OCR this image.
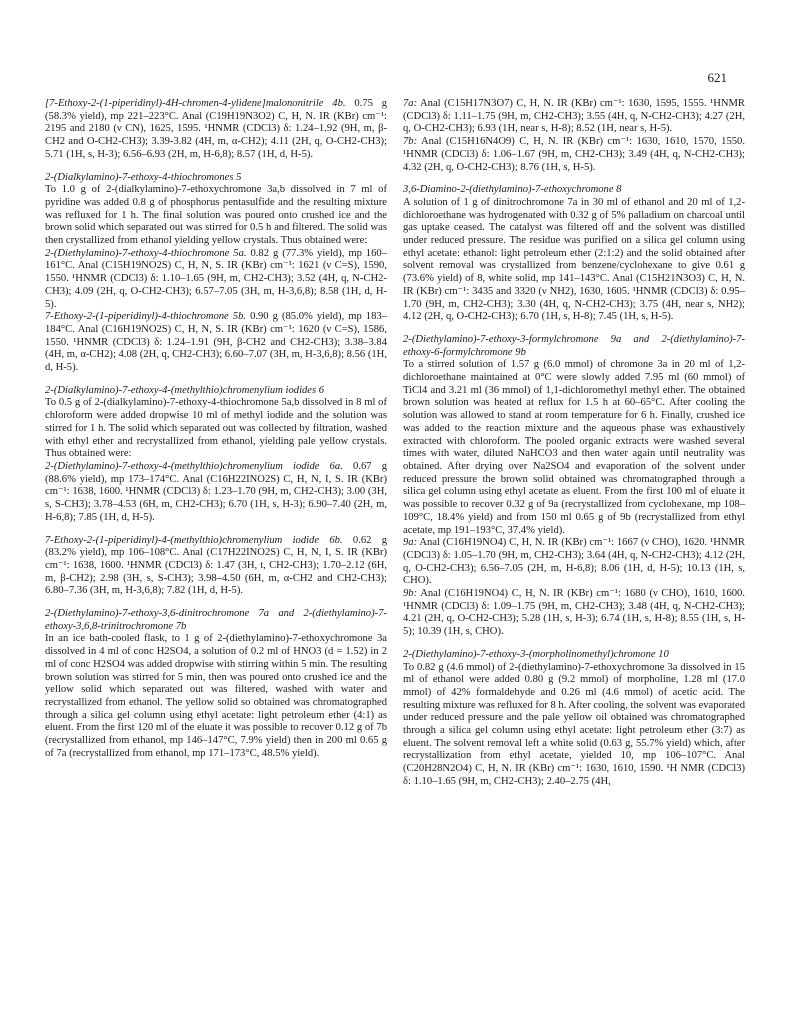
621

[7-Ethoxy-2-(1-piperidinyl)-4H-chromen-4-ylidene]malononitrile 4b. 0.75 g (58.3% yield), mp 221–223°C. Anal (C19H19N3O2) C, H, N. IR (KBr) cm⁻¹: 2195 and 2180 (ν CN), 1625, 1595. ¹HNMR (CDCl3) δ: 1.24–1.92 (9H, m, β-CH2 and O-CH2-CH3); 3.39-3.82 (4H, m, α-CH2); 4.11 (2H, q, O-CH2-CH3); 5.71 (1H, s, H-3); 6.56–6.93 (2H, m, H-6,8); 8.57 (1H, d, H-5).

2-(Dialkylamino)-7-ethoxy-4-thiochromones 5

To 1.0 g of 2-(dialkylamino)-7-ethoxychromone 3a,b dissolved in 7 ml of pyridine was added 0.8 g of phosphorus pentasulfide and the resulting mixture was refluxed for 1 h. The final solution was poured onto crushed ice and the brown solid which separated out was stirred for 0.5 h and filtered. The solid was then crystallized from ethanol yielding yellow crystals. Thus obtained were:

2-(Diethylamino)-7-ethoxy-4-thiochromone 5a. 0.82 g (77.3% yield), mp 160–161°C. Anal (C15H19NO2S) C, H, N, S. IR (KBr) cm⁻¹: 1621 (ν C=S), 1590, 1550. ¹HNMR (CDCl3) δ: 1.10–1.65 (9H, m, CH2-CH3); 3.52 (4H, q, N-CH2-CH3); 4.09 (2H, q, O-CH2-CH3); 6.57–7.05 (3H, m, H-3,6,8); 8.58 (1H, d, H-5).

7-Ethoxy-2-(1-piperidinyl)-4-thiochromone 5b. 0.90 g (85.0% yield), mp 183–184°C. Anal (C16H19NO2S) C, H, N, S. IR (KBr) cm⁻¹: 1620 (ν C=S), 1586, 1550. ¹HNMR (CDCl3) δ: 1.24–1.91 (9H, β-CH2 and CH2-CH3); 3.38–3.84 (4H, m, α-CH2); 4.08 (2H, q, CH2-CH3); 6.60–7.07 (3H, m, H-3,6,8); 8.56 (1H, d, H-5).

2-(Dialkylamino)-7-ethoxy-4-(methylthio)chromenylium iodides 6

To 0.5 g of 2-(dialkylamino)-7-ethoxy-4-thiochromone 5a,b dissolved in 8 ml of chloroform were added dropwise 10 ml of methyl iodide and the solution was stirred for 1 h. The solid which separated out was collected by filtration, washed with ethyl ether and recrystallized from ethanol, yielding pale yellow crystals. Thus obtained were:

2-(Diethylamino)-7-ethoxy-4-(methylthio)chromenylium iodide 6a. 0.67 g (88.6% yield), mp 173–174°C. Anal (C16H22INO2S) C, H, N, I, S. IR (KBr) cm⁻¹: 1638, 1600. ¹HNMR (CDCl3) δ: 1.23–1.70 (9H, m, CH2-CH3); 3.00 (3H, s, S-CH3); 3.78–4.53 (6H, m, CH2-CH3); 6.70 (1H, s, H-3); 6.90–7.40 (2H, m, H-6,8); 7.85 (1H, d, H-5).

7-Ethoxy-2-(1-piperidinyl)-4-(methylthio)chromenylium iodide 6b. 0.62 g (83.2% yield), mp 106–108°C. Anal (C17H22INO2S) C, H, N, I, S. IR (KBr) cm⁻¹: 1638, 1600. ¹HNMR (CDCl3) δ: 1.47 (3H, t, CH2-CH3); 1.70–2.12 (6H, m, β-CH2); 2.98 (3H, s, S-CH3); 3.98–4.50 (6H, m, α-CH2 and CH2-CH3); 6.80–7.36 (3H, m, H-3,6,8); 7.82 (1H, d, H-5).

2-(Diethylamino)-7-ethoxy-3,6-dinitrochromone 7a and 2-(diethylamino)-7-ethoxy-3,6,8-trinitrochromone 7b

In an ice bath-cooled flask, to 1 g of 2-(diethylamino)-7-ethoxychromone 3a dissolved in 4 ml of conc H2SO4, a solution of 0.2 ml of HNO3 (d = 1.52) in 2 ml of conc H2SO4 was added dropwise with stirring within 5 min. The resulting brown solution was stirred for 5 min, then was poured onto crushed ice and the yellow solid which separated out was filtered, washed with water and recrystallized from ethanol. The yellow solid so obtained was chromatographed through a silica gel column using ethyl acetate: light petroleum ether (4:1) as eluent. From the first 120 ml of the eluate it was possible to recover 0.12 g of 7b (recrystallized from ethanol, mp 146–147°C, 7.9% yield) then in 200 ml 0.65 g of 7a (recrystallized from ethanol, mp 171–173°C, 48.5% yield).

7a: Anal (C15H17N3O7) C, H, N. IR (KBr) cm⁻¹: 1630, 1595, 1555. ¹HNMR (CDCl3) δ: 1.11–1.75 (9H, m, CH2-CH3); 3.55 (4H, q, N-CH2-CH3); 4.27 (2H, q, O-CH2-CH3); 6.93 (1H, near s, H-8); 8.52 (1H, near s, H-5).

7b: Anal (C15H16N4O9) C, H, N. IR (KBr) cm⁻¹: 1630, 1610, 1570, 1550. ¹HNMR (CDCl3) δ: 1.06–1.67 (9H, m, CH2-CH3); 3.49 (4H, q, N-CH2-CH3); 4.32 (2H, q, O-CH2-CH3); 8.76 (1H, s, H-5).

3,6-Diamino-2-(diethylamino)-7-ethoxychromone 8

A solution of 1 g of dinitrochromone 7a in 30 ml of ethanol and 20 ml of 1,2-dichloroethane was hydrogenated with 0.32 g of 5% palladium on charcoal until gas uptake ceased. The catalyst was filtered off and the solvent was distilled under reduced pressure. The residue was purified on a silica gel column using ethyl acetate: ethanol: light petroleum ether (2:1:2) and the solid obtained after solvent removal was crystallized from benzene/cyclohexane to give 0.61 g (73.6% yield) of 8, white solid, mp 141–143°C. Anal (C15H21N3O3) C, H, N. IR (KBr) cm⁻¹: 3435 and 3320 (ν NH2), 1630, 1605. ¹HNMR (CDCl3) δ: 0.95–1.70 (9H, m, CH2-CH3); 3.30 (4H, q, N-CH2-CH3); 3.75 (4H, near s, NH2); 4.12 (2H, q, O-CH2-CH3); 6.70 (1H, s, H-8); 7.45 (1H, s, H-5).

2-(Diethylamino)-7-ethoxy-3-formylchromone 9a and 2-(diethylamino)-7-ethoxy-6-formylchromone 9b

To a stirred solution of 1.57 g (6.0 mmol) of chromone 3a in 20 ml of 1,2-dichloroethane maintained at 0°C were slowly added 7.95 ml (60 mmol) of TiCl4 and 3.21 ml (36 mmol) of 1,1-dichloromethyl methyl ether. The obtained brown solution was heated at reflux for 1.5 h at 60–65°C. After cooling the solution was allowed to stand at room temperature for 6 h. Finally, crushed ice was added to the reaction mixture and the aqueous phase was exhaustively extracted with chloroform. The pooled organic extracts were washed several times with water, diluted NaHCO3 and then water again until neutrality was obtained. After drying over Na2SO4 and evaporation of the solvent under reduced pressure the brown solid obtained was chromatographed through a silica gel column using ethyl acetate as eluent. From the first 100 ml of eluate it was possible to recover 0.32 g of 9a (recrystallized from cyclohexane, mp 108–109°C, 18.4% yield) and from 150 ml 0.65 g of 9b (recrystallized from ethyl acetate, mp 191–193°C, 37.4% yield).

9a: Anal (C16H19NO4) C, H, N. IR (KBr) cm⁻¹: 1667 (ν CHO), 1620. ¹HNMR (CDCl3) δ: 1.05–1.70 (9H, m, CH2-CH3); 3.64 (4H, q, N-CH2-CH3); 4.12 (2H, q, O-CH2-CH3); 6.56–7.05 (2H, m, H-6,8); 8.06 (1H, d, H-5); 10.13 (1H, s, CHO).

9b: Anal (C16H19NO4) C, H, N. IR (KBr) cm⁻¹: 1680 (ν CHO), 1610, 1600. ¹HNMR (CDCl3) δ: 1.09–1.75 (9H, m, CH2-CH3); 3.48 (4H, q, N-CH2-CH3); 4.21 (2H, q, O-CH2-CH3); 5.28 (1H, s, H-3); 6.74 (1H, s, H-8); 8.55 (1H, s, H-5); 10.39 (1H, s, CHO).

2-(Diethylamino)-7-ethoxy-3-(morpholinomethyl)chromone 10

To 0.82 g (4.6 mmol) of 2-(diethylamino)-7-ethoxychromone 3a dissolved in 15 ml of ethanol were added 0.80 g (9.2 mmol) of morpholine, 1.28 ml (17.0 mmol) of 42% formaldehyde and 0.26 ml (4.6 mmol) of acetic acid. The resulting mixture was refluxed for 8 h. After cooling, the solvent was evaporated under reduced pressure and the pale yellow oil obtained was chromatographed through a silica gel column using ethyl acetate: light petroleum ether (3:7) as eluent. The solvent removal left a white solid (0.63 g, 55.7% yield) which, after recrystallization from ethyl acetate, yielded 10, mp 106–107°C. Anal (C20H28N2O4) C, H, N. IR (KBr) cm⁻¹: 1630, 1610, 1590. ¹H NMR (CDCl3) δ: 1.10–1.65 (9H, m, CH2-CH3); 2.40–2.75 (4H,
